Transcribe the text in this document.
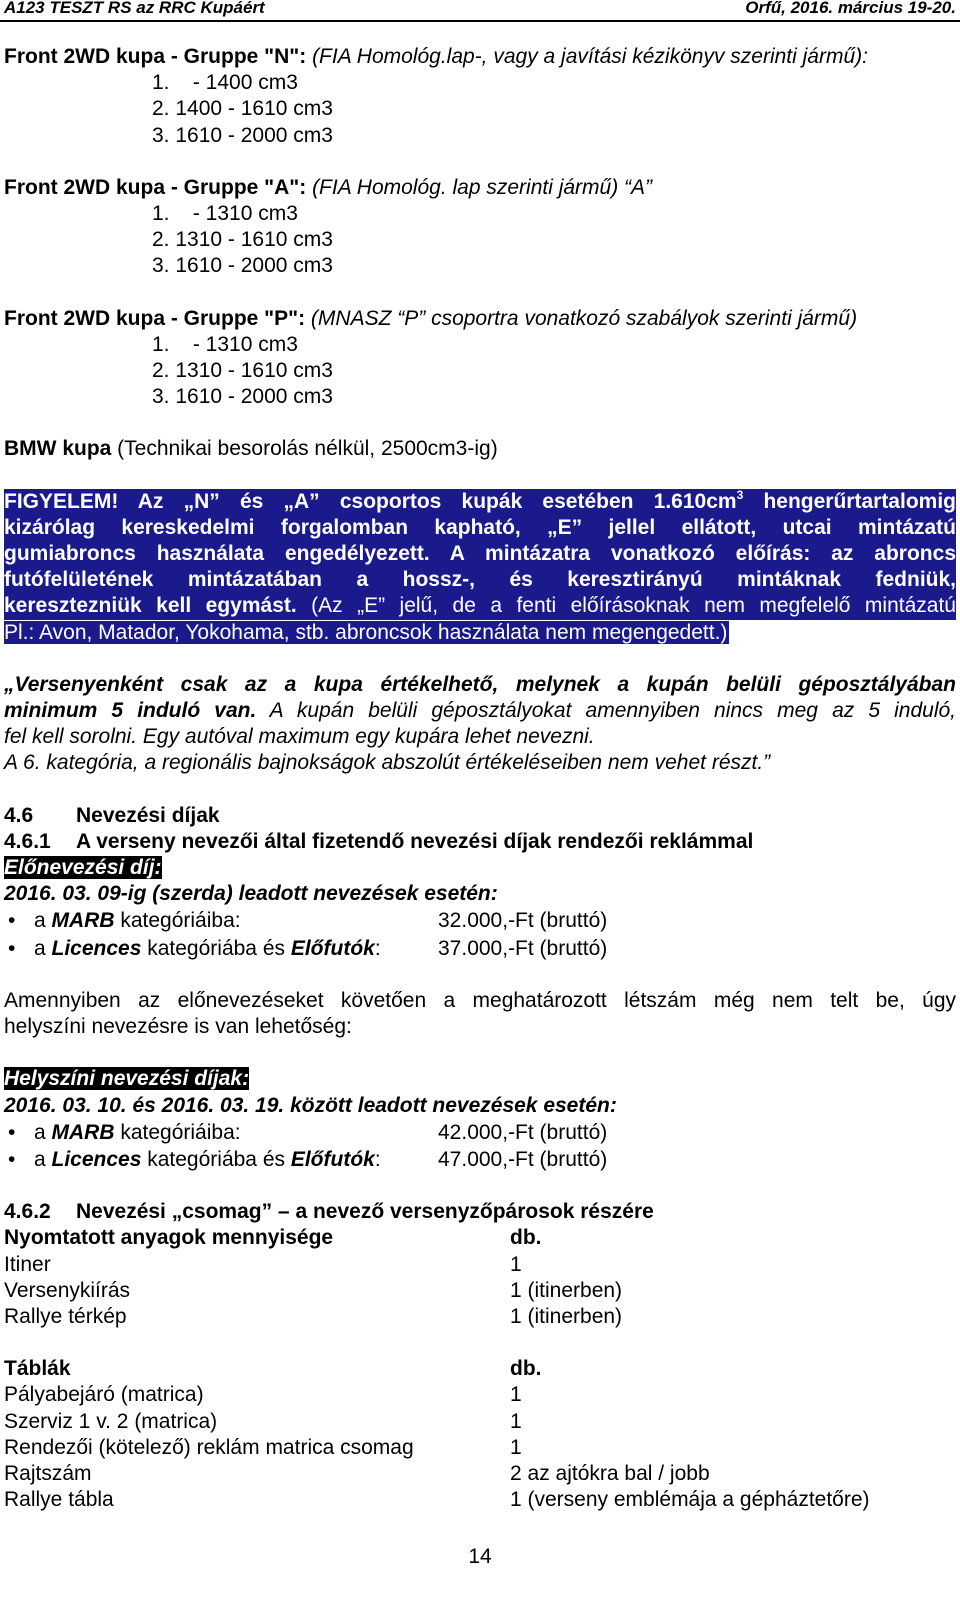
A123 TESZT RS az RRC Kupáért	Orfű, 2016. március 19-20.

Front 2WD kupa - Gruppe "N": (FIA Homológ.lap-, vagy a javítási kézikönyv szerinti jármű):

1.    - 1400 cm3

2. 1400 - 1610 cm3

3. 1610 - 2000 cm3

Front 2WD kupa - Gruppe "A": (FIA Homológ. lap szerinti jármű) “A”

1.    - 1310 cm3

2. 1310 - 1610 cm3

3. 1610 - 2000 cm3

Front 2WD kupa - Gruppe "P": (MNASZ “P” csoportra vonatkozó szabályok szerinti jármű)

1.    - 1310 cm3

2. 1310 - 1610 cm3

3. 1610 - 2000 cm3

BMW kupa (Technikai besorolás nélkül, 2500cm3-ig)

FIGYELEM! Az „N” és „A” csoportos kupák esetében $1.610cm^3$ hengerűrtartalomig

kizárólag kereskedelmi forgalomban kapható, „E” jellel ellátott, utcai mintázatú

gumiabroncs használata engedélyezett. A mintázatra vonatkozó előírás: az abroncs

futófelületének mintázatában a hossz-, és keresztirányú mintáknak fedniük,

keresztezniük kell egymást. (Az „E” jelű, de a fenti előírásoknak nem megfelelő mintázatú

Pl.: Avon, Matador, Yokohama, stb. abroncsok használata nem megengedett.)

„Versenyenként csak az a kupa értékelhető, melynek a kupán belüli géposztályában

minimum 5 induló van. A kupán belüli géposztályokat amennyiben nincs meg az 5 induló,

fel kell sorolni. Egy autóval maximum egy kupára lehet nevezni.

A 6. kategória, a regionális bajnokságok abszolút értékeléseiben nem vehet részt.”

4.6 Nevezési díjak

4.6.1 A verseny nevezői által fizetendő nevezési díjak rendezői reklámmal

Előnevezési díj:

2016. 03. 09-ig (szerda) leadott nevezések esetén:

• a MARB kategóriáiba:	32.000,-Ft (bruttó)

• a Licences kategóriába és Előfutók:	37.000,-Ft (bruttó)

Amennyiben az előnevezéseket követően a meghatározott létszám még nem telt be, úgy

helyszíni nevezésre is van lehetőség:

Helyszíni nevezési díjak:

2016. 03. 10. és 2016. 03. 19. között leadott nevezések esetén:

• a MARB kategóriáiba:	42.000,-Ft (bruttó)

• a Licences kategóriába és Előfutók:	47.000,-Ft (bruttó)

4.6.2 Nevezési „csomag” – a nevező versenyzőpárosok részére

Nyomtatott anyagok mennyisége	db.

Itiner	1

Versenykiírás	1 (itinerben)

Rallye térkép	1 (itinerben)

Táblák	db.

Pályabejáró (matrica)	1

Szerviz 1 v. 2 (matrica)	1

Rendezői (kötelező) reklám matrica csomag	1

Rajtszám	2 az ajtókra bal / jobb

Rallye tábla	1 (verseny emblémája a gépháztetőre)

14
